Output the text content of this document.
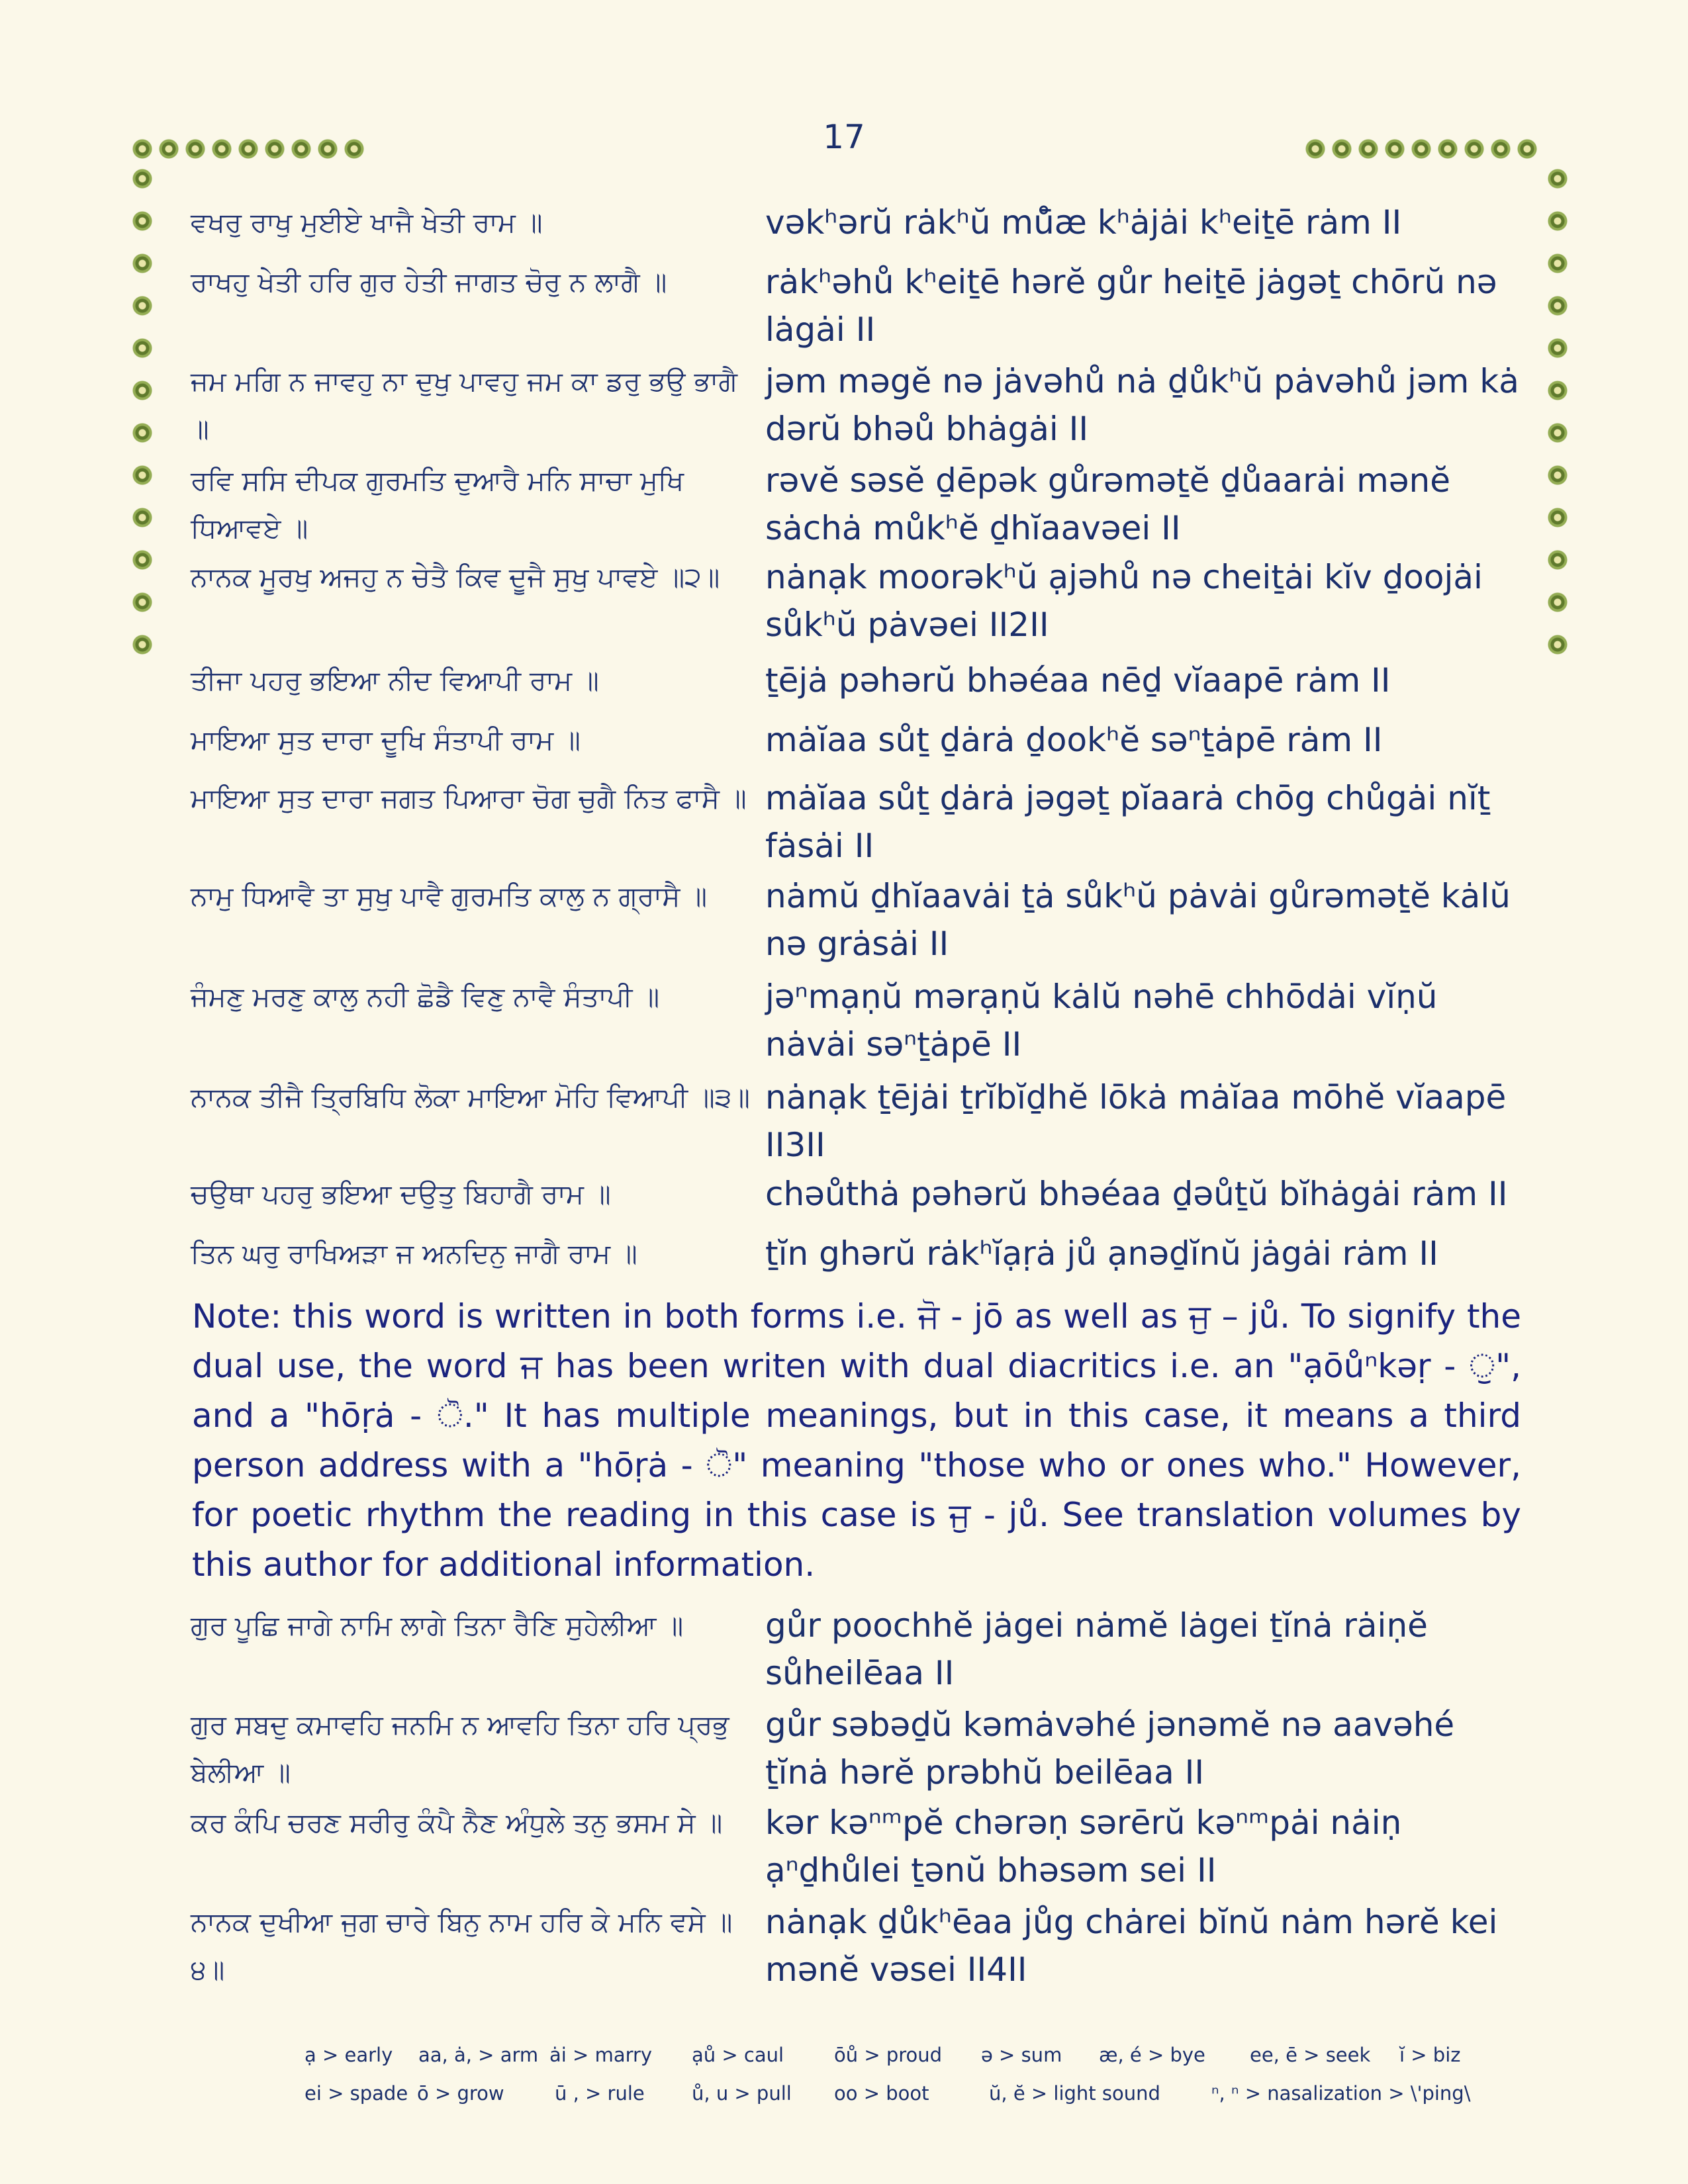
17
ਵਖਰੁ ਰਾਖੁ ਮੁਈਏ ਖਾਜੈ ਖੇਤੀ ਰਾਮ ॥	vəkʰərŭ rȧkʰŭ mů̄æ kʰȧjȧi kʰeiṯē rȧm II
ਰਾਖਹੁ ਖੇਤੀ ਹਰਿ ਗੁਰ ਹੇਤੀ ਜਾਗਤ ਚੋਰੁ ਨ ਲਾਗੈ ॥	rȧkʰəhů kʰeiṯē hərĕ gůr heiṯē jȧgəṯ chōrŭ nə lȧgȧi II
ਜਮ ਮਗਿ ਨ ਜਾਵਹੁ ਨਾ ਦੁਖੁ ਪਾਵਹੁ ਜਮ ਕਾ ਡਰੁ ਭਉ ਭਾਗੈ ॥
jəm məgĕ nə jȧvəhů nȧ ḏůkʰŭ pȧvəhů jəm kȧ dərŭ bhəů bhȧgȧi II
ਰਵਿ ਸਸਿ ਦੀਪਕ ਗੁਰਮਤਿ ਦੁਆਰੈ ਮਨਿ ਸਾਚਾ ਮੁਖਿ ਧਿਆਵਏ ॥
rəvĕ səsĕ ḏēpək gůrəməṯĕ ḏůaarȧi mənĕ sȧchȧ můkʰĕ ḏhĭaavəei II
ਨਾਨਕ ਮੂਰਖੁ ਅਜਹੁ ਨ ਚੇਤੈ ਕਿਵ ਦੂਜੈ ਸੁਖੁ ਪਾਵਏ ॥੨॥	nȧnạk moorəkʰŭ ạjəhů nə cheiṯȧi kĭv ḏoojȧi sůkʰŭ pȧvəei II2II
ਤੀਜਾ ਪਹਰੁ ਭਇਆ ਨੀਦ ਵਿਆਪੀ ਰਾਮ ॥	ṯējȧ pəhərŭ bhəéaa nēḏ vĭaapē rȧm II
ਮਾਇਆ ਸੁਤ ਦਾਰਾ ਦੂਖਿ ਸੰਤਾਪੀ ਰਾਮ ॥	mȧĭaa sůṯ ḏȧrȧ ḏookʰĕ səⁿṯȧpē rȧm II
ਮਾਇਆ ਸੁਤ ਦਾਰਾ ਜਗਤ ਪਿਆਰਾ ਚੋਗ ਚੁਗੈ ਨਿਤ ਫਾਸੈ ॥ mȧĭaa sůṯ ḏȧrȧ jəgəṯ pĭaarȧ chōg chůgȧi nĭṯ fȧsȧi II
ਨਾਮੁ ਧਿਆਵੈ ਤਾ ਸੁਖੁ ਪਾਵੈ ਗੁਰਮਤਿ ਕਾਲੁ ਨ ਗ੍ਰਾਸੈ ॥	nȧmŭ ḏhĭaavȧi ṯȧ sůkʰŭ pȧvȧi gůrəməṯĕ kȧlŭ nə grȧsȧi II
ਜੰਮਣੁ ਮਰਣੁ ਕਾਲੁ ਨਹੀ ਛੋਡੈ ਵਿਣੁ ਨਾਵੈ ਸੰਤਾਪੀ ॥	jəⁿmạṇŭ mərạṇŭ kȧlŭ nəhē chhōdȧi vĭṇŭ nȧvȧi səⁿṯȧpē II
ਨਾਨਕ ਤੀਜੈ ਤ੍ਰਿਬਿਧਿ ਲੋਕਾ ਮਾਇਆ ਮੋਹਿ ਵਿਆਪੀ ॥੩॥ nȧnạk ṯējȧi ṯrĭbĭḏhĕ lōkȧ mȧĭaa mōhĕ vĭaapē II3II
ਚਉਥਾ ਪਹਰੁ ਭਇਆ ਦਉਤੁ ਬਿਹਾਗੈ ਰਾਮ ॥	chəůthȧ pəhərŭ bhəéaa ḏəůṯŭ bĭhȧgȧi rȧm II
ਤਿਨ ਘਰੁ ਰਾਖਿਅੜਾ ਜ ਅਨਦਿਨੁ ਜਾਗੈ ਰਾਮ ॥	ṯĭn ghərŭ rȧkʰĭạṛȧ jů ạnəḏĭnŭ jȧgȧi rȧm II
Note: this word is written in both forms i.e. ਜੋ - jō as well as ਜੁ – jů. To signify the dual use, the word ਜ has been writen with dual diacritics i.e. an "ạōůⁿkəṛ - ੁ", and a "hōṛȧ - ੋ." It has multiple meanings, but in this case, it means a third person address with a "hōṛȧ - ੋ" meaning "those who or ones who." However, for poetic rhythm the reading in this case is ਜੁ - jů. See translation volumes by this author for additional information.
ਗੁਰ ਪੂਛਿ ਜਾਗੇ ਨਾਮਿ ਲਾਗੇ ਤਿਨਾ ਰੈਣਿ ਸੁਹੇਲੀਆ ॥	gůr poochhĕ jȧgei nȧmĕ lȧgei ṯĭnȧ rȧiṇĕ sůheilēaa II
ਗੁਰ ਸਬਦੁ ਕਮਾਵਹਿ ਜਨਮਿ ਨ ਆਵਹਿ ਤਿਨਾ ਹਰਿ ਪ੍ਰਭੁ ਬੇਲੀਆ ॥
gůr səbəḏŭ kəmȧvəhé jənəmĕ nə aavəhé ṯĭnȧ hərĕ prəbhŭ beilēaa II
ਕਰ ਕੰਪਿ ਚਰਣ ਸਰੀਰੁ ਕੰਪੈ ਨੈਣ ਅੰਧੁਲੇ ਤਨੁ ਭਸਮ ਸੇ ॥	kər kəⁿᵐpĕ chərəṇ sərērŭ kəⁿᵐpȧi nȧiṇ ạⁿḏhůlei ṯənŭ bhəsəm sei II
ਨਾਨਕ ਦੁਖੀਆ ਜੁਗ ਚਾਰੇ ਬਿਨੁ ਨਾਮ ਹਰਿ ਕੇ ਮਨਿ ਵਸੇ ॥੪॥
nȧnạk ḏůkʰēaa jůg chȧrei bĭnŭ nȧm hərĕ kei mənĕ vəsei II4II
ạ > early aa, ȧ, > arm ȧi > marry ạů > caul	ōů > proud ə > sum æ, é > bye ee, ē > seek ĭ > biz
ei > spade ō > grow	ū , > rule ů, u > pull oo > boot	ŭ, ĕ > light sound	ⁿ, ⁿ > nasalization > \'ping\
